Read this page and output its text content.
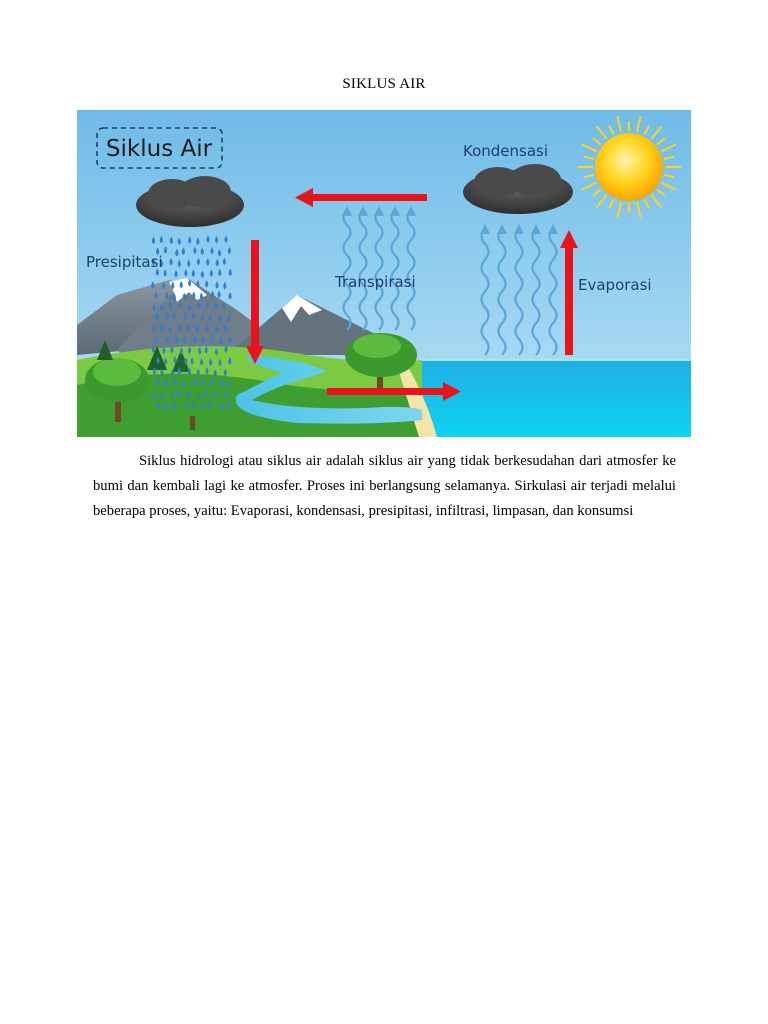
SIKLUS AIR
Siklus Air	Kondensasi
Presipitasi
Transpirasi	Evaporasi

Siklus hidrologi atau siklus air adalah siklus air yang tidak berkesudahan dari atmosfer ke bumi dan kembali lagi ke atmosfer. Proses ini berlangsung selamanya. Sirkulasi air terjadi melalui beberapa proses, yaitu: Evaporasi, kondensasi, presipitasi, infiltrasi, limpasan, dan konsumsi
